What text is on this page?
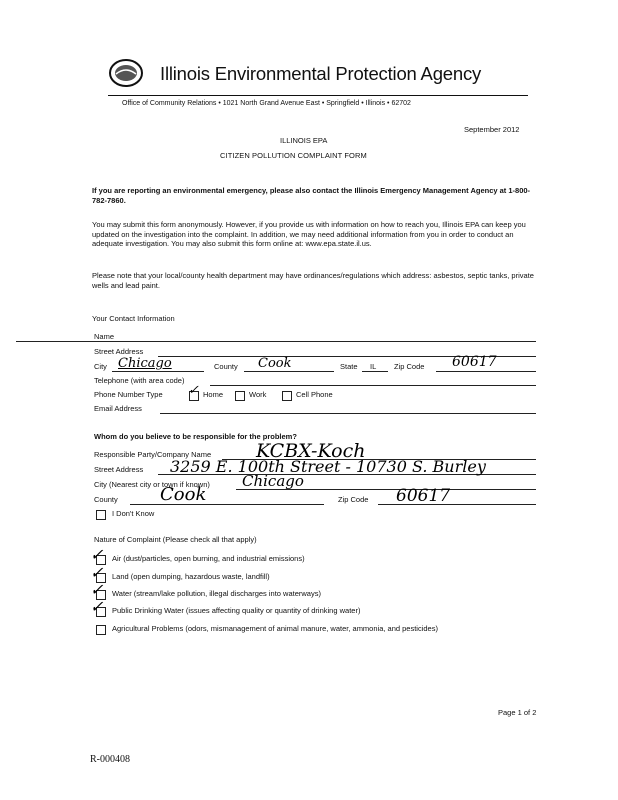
Illinois Environmental Protection Agency
Office of Community Relations • 1021 North Grand Avenue East • Springfield • Illinois • 62702
September 2012
ILLINOIS EPA
CITIZEN POLLUTION COMPLAINT FORM
If you are reporting an environmental emergency, please also contact the Illinois Emergency Management Agency at 1-800-782-7860.
You may submit this form anonymously. However, if you provide us with information on how to reach you, Illinois EPA can keep you updated on the investigation into the complaint. In addition, we may need additional information from you in order to conduct an adequate investigation. You may also submit this form online at: www.epa.state.il.us.
Please note that your local/county health department may have ordinances/regulations which address: asbestos, septic tanks, private wells and lead paint.
Your Contact Information
Name
Street Address
City Chicago	County Cook	State IL Zip Code 60617
Telephone (with area code)
Phone Number Type ✓ Home	Work	Cell Phone
Email Address
Whom do you believe to be responsible for the problem?
Responsible Party/Company Name KCBX-Koch
Street Address 3259 E. 100th Street - 10730 S. Burley
City (Nearest city or town if known) Chicago
County Cook	Zip Code 60617
I Don't Know
Nature of Complaint (Please check all that apply)
✓ Air (dust/particles, open burning, and industrial emissions)
✓ Land (open dumping, hazardous waste, landfill)
✓ Water (stream/lake pollution, illegal discharges into waterways)
✓ Public Drinking Water (issues affecting quality or quantity of drinking water)
Agricultural Problems (odors, mismanagement of animal manure, water, ammonia, and pesticides)
Page 1 of 2
R-000408
